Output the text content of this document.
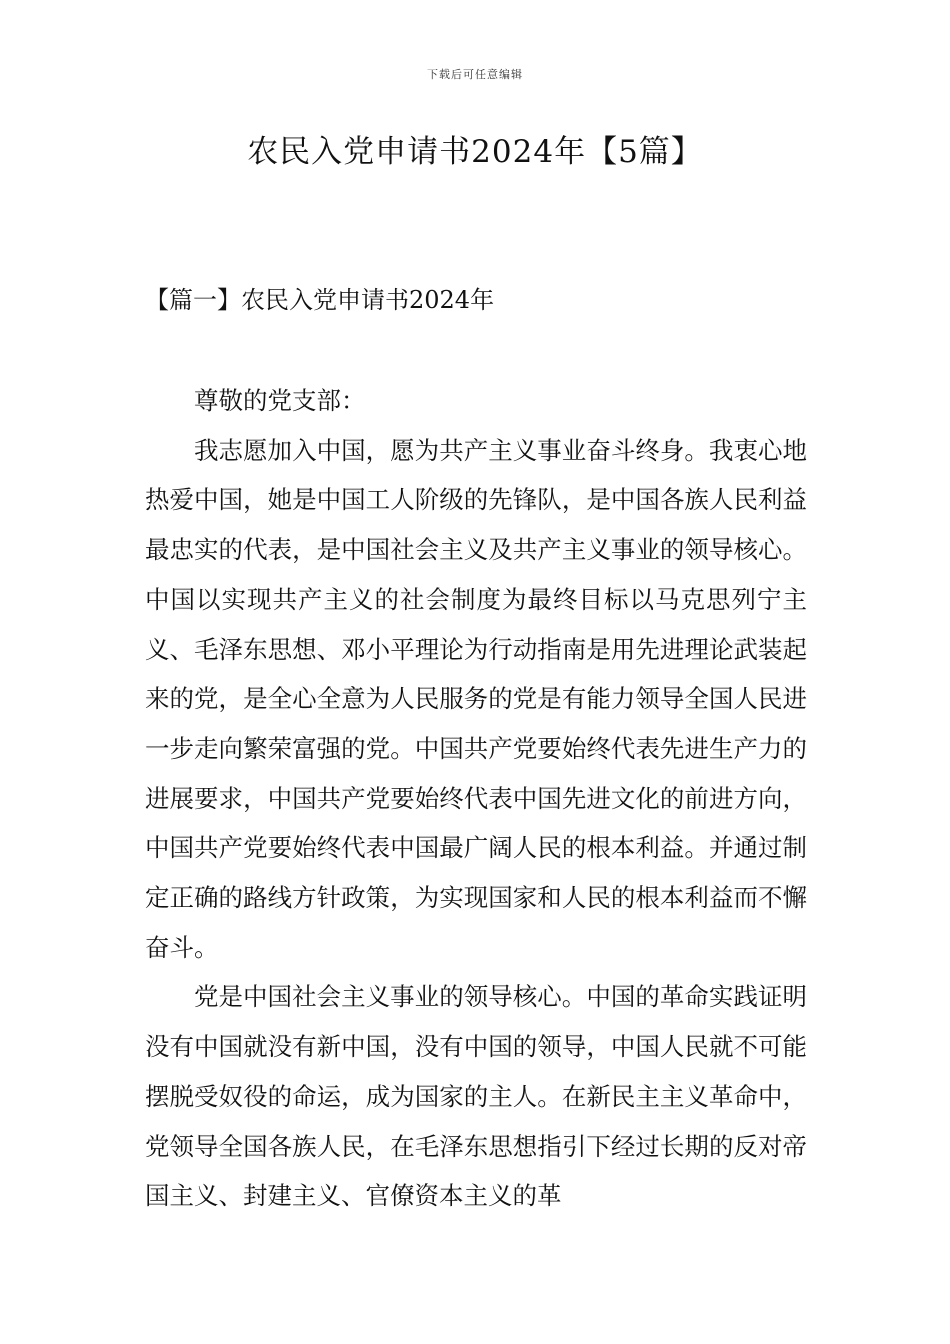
下载后可任意编辑
农民入党申请书2024年【5篇】
【篇一】农民入党申请书2024年

尊敬的党支部：

我志愿加入中国，愿为共产主义事业奋斗终身。我衷心地热爱中国，她是中国工人阶级的先锋队，是中国各族人民利益最忠实的代表，是中国社会主义及共产主义事业的领导核心。中国以实现共产主义的社会制度为最终目标以马克思列宁主义、毛泽东思想、邓小平理论为行动指南是用先进理论武装起来的党，是全心全意为人民服务的党是有能力领导全国人民进一步走向繁荣富强的党。中国共产党要始终代表先进生产力的进展要求，中国共产党要始终代表中国先进文化的前进方向，中国共产党要始终代表中国最广阔人民的根本利益。并通过制定正确的路线方针政策，为实现国家和人民的根本利益而不懈奋斗。

党是中国社会主义事业的领导核心。中国的革命实践证明没有中国就没有新中国，没有中国的领导，中国人民就不可能摆脱受奴役的命运，成为国家的主人。在新民主主义革命中，党领导全国各族人民，在毛泽东思想指引下经过长期的反对帝国主义、封建主义、官僚资本主义的革
